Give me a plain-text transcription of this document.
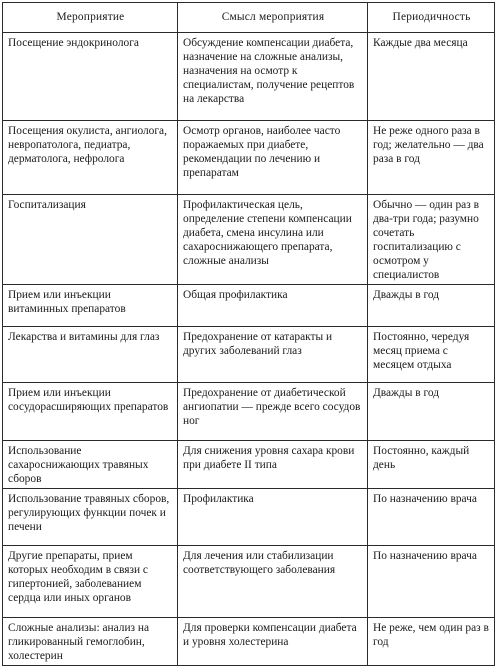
Мероприятие	Смысл мероприятия	Периодичность
Посещение эндокринолога	Обсуждение компенсации диабета, назначение на сложные анализы, назначения на осмотр к специалистам, получение рецептов на лекарства	Каждые два месяца
Посещения окулиста, ангиолога, невропатолога, педиатра, дерматолога, нефролога	Осмотр органов, наиболее часто поражаемых при диабете, рекомендации по лечению и препаратам	Не реже одного раза в год; желательно — два раза в год
Госпитализация	Профилактическая цель, определение степени компенсации диабета, смена инсулина или сахароснижающего препарата, сложные анализы	Обычно — один раз в два-три года; разумно сочетать госпитализацию с осмотром у специалистов
Прием или инъекции витаминных препаратов	Общая профилактика	Дважды в год
Лекарства и витамины для глаз	Предохранение от катаракты и других заболеваний глаз	Постоянно, чередуя месяц приема с месяцем отдыха
Прием или инъекции сосудорасширяющих препаратов	Предохранение от диабетической ангиопатии — прежде всего сосудов ног	Дважды в год
Использование сахароснижающих травяных сборов	Для снижения уровня сахара крови при диабете II типа	Постоянно, каждый день
Использование травяных сборов, регулирующих функции почек и печени	Профилактика	По назначению врача
Другие препараты, прием которых необходим в связи с гипертонией, заболеванием сердца или иных органов	Для лечения или стабилизации соответствующего заболевания	По назначению врача
Сложные анализы: анализ на гликированный гемоглобин, холестерин	Для проверки компенсации диабета и уровня холестерина	Не реже, чем один раз в год
